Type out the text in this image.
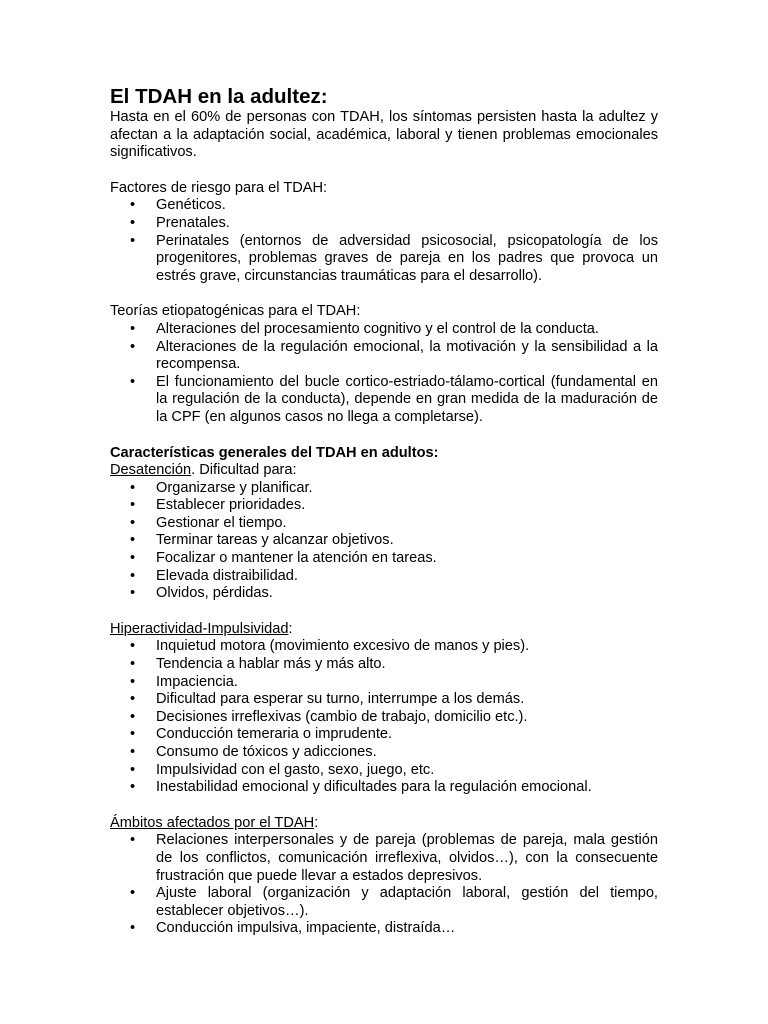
El TDAH en la adultez:

Hasta en el 60% de personas con TDAH, los síntomas persisten hasta la adultez y afectan a la adaptación social, académica, laboral y tienen problemas emocionales significativos.

Factores de riesgo para el TDAH:

• Genéticos.
• Prenatales.
• Perinatales (entornos de adversidad psicosocial, psicopatología de los progenitores, problemas graves de pareja en los padres que provoca un estrés grave, circunstancias traumáticas para el desarrollo).

Teorías etiopatogénicas para el TDAH:

• Alteraciones del procesamiento cognitivo y el control de la conducta.
• Alteraciones de la regulación emocional, la motivación y la sensibilidad a la recompensa.
• El funcionamiento del bucle cortico-estriado-tálamo-cortical (fundamental en la regulación de la conducta), depende en gran medida de la maduración de la CPF (en algunos casos no llega a completarse).

Características generales del TDAH en adultos:

Desatención. Dificultad para:

• Organizarse y planificar.
• Establecer prioridades.
• Gestionar el tiempo.
• Terminar tareas y alcanzar objetivos.
• Focalizar o mantener la atención en tareas.
• Elevada distraibilidad.
• Olvidos, pérdidas.

Hiperactividad-Impulsividad:

• Inquietud motora (movimiento excesivo de manos y pies).
• Tendencia a hablar más y más alto.
• Impaciencia.
• Dificultad para esperar su turno, interrumpe a los demás.
• Decisiones irreflexivas (cambio de trabajo, domicilio etc.).
• Conducción temeraria o imprudente.
• Consumo de tóxicos y adicciones.
• Impulsividad con el gasto, sexo, juego, etc.
• Inestabilidad emocional y dificultades para la regulación emocional.

Ámbitos afectados por el TDAH:

• Relaciones interpersonales y de pareja (problemas de pareja, mala gestión de los conflictos, comunicación irreflexiva, olvidos…), con la consecuente frustración que puede llevar a estados depresivos.
• Ajuste laboral (organización y adaptación laboral, gestión del tiempo, establecer objetivos…).
• Conducción impulsiva, impaciente, distraída…
